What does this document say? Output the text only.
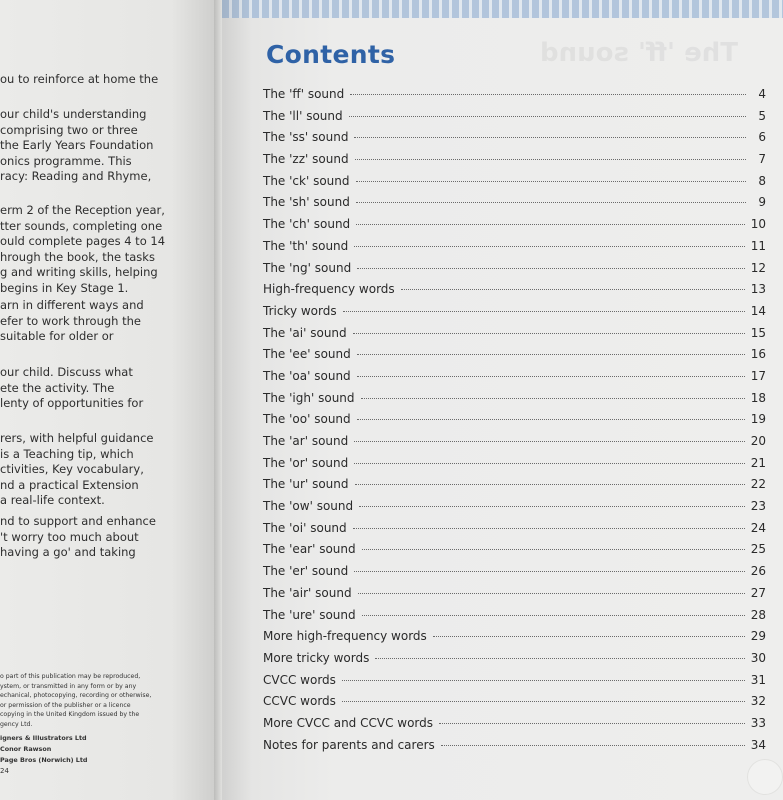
ou to reinforce at home the
our child's understanding
comprising two or three
the Early Years Foundation
onics programme. This
racy: Reading and Rhyme,
erm 2 of the Reception year,
tter sounds, completing one
ould complete pages 4 to 14
hrough the book, the tasks
g and writing skills, helping
begins in Key Stage 1.
arn in different ways and
efer to work through the
suitable for older or
our child. Discuss what
ete the activity. The
lenty of opportunities for
rers, with helpful guidance
is a Teaching tip, which
ctivities, Key vocabulary,
nd a practical Extension
a real-life context.
nd to support and enhance
't worry too much about
having a go' and taking
o part of this publication may be reproduced,
ystem, or transmitted in any form or by any
echanical, photocopying, recording or otherwise,
or permission of the publisher or a licence
copying in the United Kingdom issued by the
gency Ltd.
igners & Illustrators Ltd
Conor Rawson
Page Bros (Norwich) Ltd
24
The 'ff' sound
Contents
The 'ff' sound	4
The 'll' sound	5
The 'ss' sound	6
The 'zz' sound	7
The 'ck' sound	8
The 'sh' sound	9
The 'ch' sound	10
The 'th' sound	11
The 'ng' sound	12
High-frequency words	13
Tricky words	14
The 'ai' sound	15
The 'ee' sound	16
The 'oa' sound	17
The 'igh' sound	18
The 'oo' sound	19
The 'ar' sound	20
The 'or' sound	21
The 'ur' sound	22
The 'ow' sound	23
The 'oi' sound	24
The 'ear' sound	25
The 'er' sound	26
The 'air' sound	27
The 'ure' sound	28
More high-frequency words	29
More tricky words	30
CVCC words	31
CCVC words	32
More CVCC and CCVC words	33
Notes for parents and carers	34
